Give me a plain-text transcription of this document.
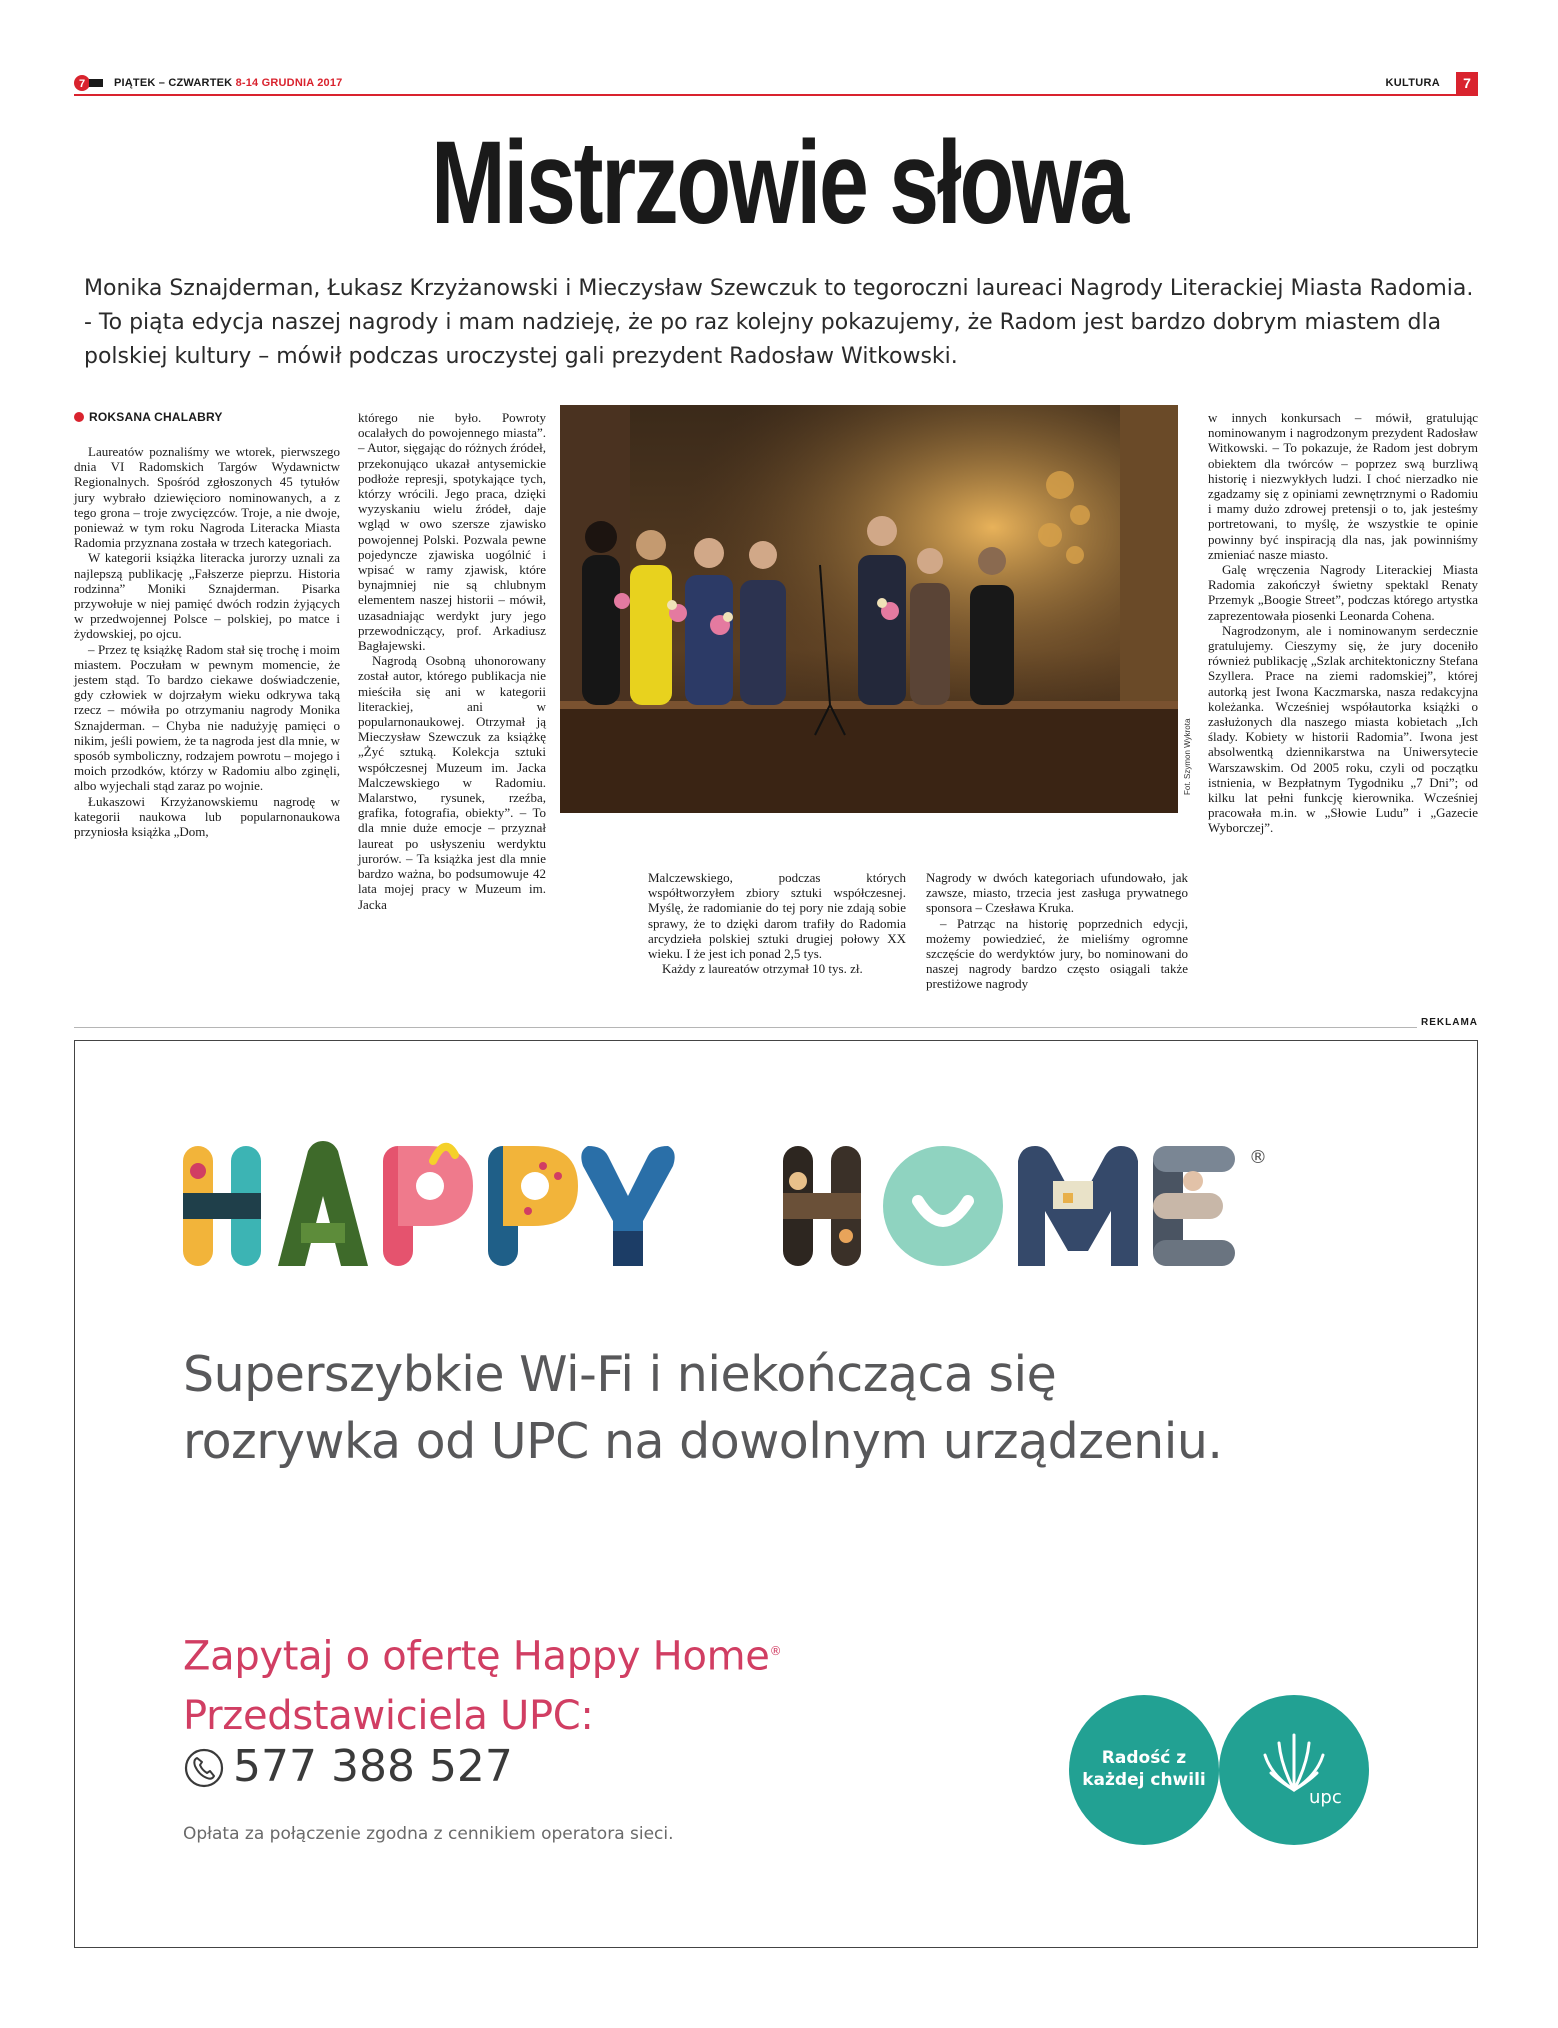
7	PIĄTEK – CZWARTEK 8-14 GRUDNIA 2017	KULTURA	7
Mistrzowie słowa

Monika Sznajderman, Łukasz Krzyżanowski i Mieczysław Szewczuk to tegoroczni laureaci Nagrody Literackiej Miasta Radomia. - To piąta edycja naszej nagrody i mam nadzieję, że po raz kolejny pokazujemy, że Radom jest bardzo dobrym miastem dla polskiej kultury – mówił podczas uroczystej gali prezydent Radosław Witkowski.

ROKSANA CHALABRY

Laureatów poznaliśmy we wtorek, pierwszego dnia VI Radomskich Targów Wydawnictw Regionalnych. Spośród zgłoszonych 45 tytułów jury wybrało dziewięcioro nominowanych, a z tego grona – troje zwycięzców. Troje, a nie dwoje, ponieważ w tym roku Nagroda Literacka Miasta Radomia przyznana została w trzech kategoriach.

W kategorii książka literacka jurorzy uznali za najlepszą publikację „Fałszerze pieprzu. Historia rodzinna” Moniki Sznajderman. Pisarka przywołuje w niej pamięć dwóch rodzin żyjących w przedwojennej Polsce – polskiej, po matce i żydowskiej, po ojcu.

– Przez tę książkę Radom stał się trochę i moim miastem. Poczułam w pewnym momencie, że jestem stąd. To bardzo ciekawe doświadczenie, gdy człowiek w dojrzałym wieku odkrywa taką rzecz – mówiła po otrzymaniu nagrody Monika Sznajderman. – Chyba nie nadużyję pamięci o nikim, jeśli powiem, że ta nagroda jest dla mnie, w sposób symboliczny, rodzajem powrotu – mojego i moich przodków, którzy w Radomiu albo zginęli, albo wyjechali stąd zaraz po wojnie.

Łukaszowi Krzyżanowskiemu nagrodę w kategorii naukowa lub popularnonaukowa przyniosła książka „Dom,

którego nie było. Powroty ocalałych do powojennego miasta”. – Autor, sięgając do różnych źródeł, przekonująco ukazał antysemickie podłoże represji, spotykające tych, którzy wrócili. Jego praca, dzięki wyzyskaniu wielu źródeł, daje wgląd w owo szersze zjawisko powojennej Polski. Pozwala pewne pojedyncze zjawiska uogólnić i wpisać w ramy zjawisk, które bynajmniej nie są chlubnym elementem naszej historii – mówił, uzasadniając werdykt jury jego przewodniczący, prof. Arkadiusz Bagłajewski.

Nagrodą Osobną uhonorowany został autor, którego publikacja nie mieściła się ani w kategorii literackiej, ani w popularnonaukowej. Otrzymał ją Mieczysław Szewczuk za książkę „Żyć sztuką. Kolekcja sztuki współczesnej Muzeum im. Jacka Malczewskiego w Radomiu. Malarstwo, rysunek, rzeźba, grafika, fotografia, obiekty”. – To dla mnie duże emocje – przyznał laureat po usłyszeniu werdyktu jurorów. – Ta książka jest dla mnie bardzo ważna, bo podsumowuje 42 lata mojej pracy w Muzeum im. Jacka

Fot. Szymon Wykrota

Malczewskiego, podczas których współtworzyłem zbiory sztuki współczesnej. Myślę, że radomianie do tej pory nie zdają sobie sprawy, że to dzięki darom trafiły do Radomia arcydzieła polskiej sztuki drugiej połowy XX wieku. I że jest ich ponad 2,5 tys.

Każdy z laureatów otrzymał 10 tys. zł.

Nagrody w dwóch kategoriach ufundowało, jak zawsze, miasto, trzecia jest zasługa prywatnego sponsora – Czesława Kruka.

– Patrząc na historię poprzednich edycji, możemy powiedzieć, że mieliśmy ogromne szczęście do werdyktów jury, bo nominowani do naszej nagrody bardzo często osiągali także prestiżowe nagrody

w innych konkursach – mówił, gratulując nominowanym i nagrodzonym prezydent Radosław Witkowski. – To pokazuje, że Radom jest dobrym obiektem dla twórców – poprzez swą burzliwą historię i niezwykłych ludzi. I choć nierzadko nie zgadzamy się z opiniami zewnętrznymi o Radomiu i mamy dużo zdrowej pretensji o to, jak jesteśmy portretowani, to myślę, że wszystkie te opinie powinny być inspiracją dla nas, jak powinniśmy zmieniać nasze miasto.

Galę wręczenia Nagrody Literackiej Miasta Radomia zakończył świetny spektakl Renaty Przemyk „Boogie Street”, podczas którego artystka zaprezentowała piosenki Leonarda Cohena.

Nagrodzonym, ale i nominowanym serdecznie gratulujemy. Cieszymy się, że jury doceniło również publikację „Szlak architektoniczny Stefana Szyllera. Prace na ziemi radomskiej”, której autorką jest Iwona Kaczmarska, nasza redakcyjna koleżanka. Wcześniej współautorka książki o zasłużonych dla naszego miasta kobietach „Ich ślady. Kobiety w historii Radomia”. Iwona jest absolwentką dziennikarstwa na Uniwersytecie Warszawskim. Od 2005 roku, czyli od początku istnienia, w Bezpłatnym Tygodniku „7 Dni”; od kilku lat pełni funkcję kierownika. Wcześniej pracowała m.in. w „Słowie Ludu” i „Gazecie Wyborczej”.

REKLAMA
®
Superszybkie Wi-Fi i niekończąca się
rozrywka od UPC na dowolnym urządzeniu.
Zapytaj o ofertę Happy Home®
Przedstawiciela UPC:
577 388 527
Opłata za połączenie zgodna z cennikiem operatora sieci.
Radość z
każdej chwili
upc
